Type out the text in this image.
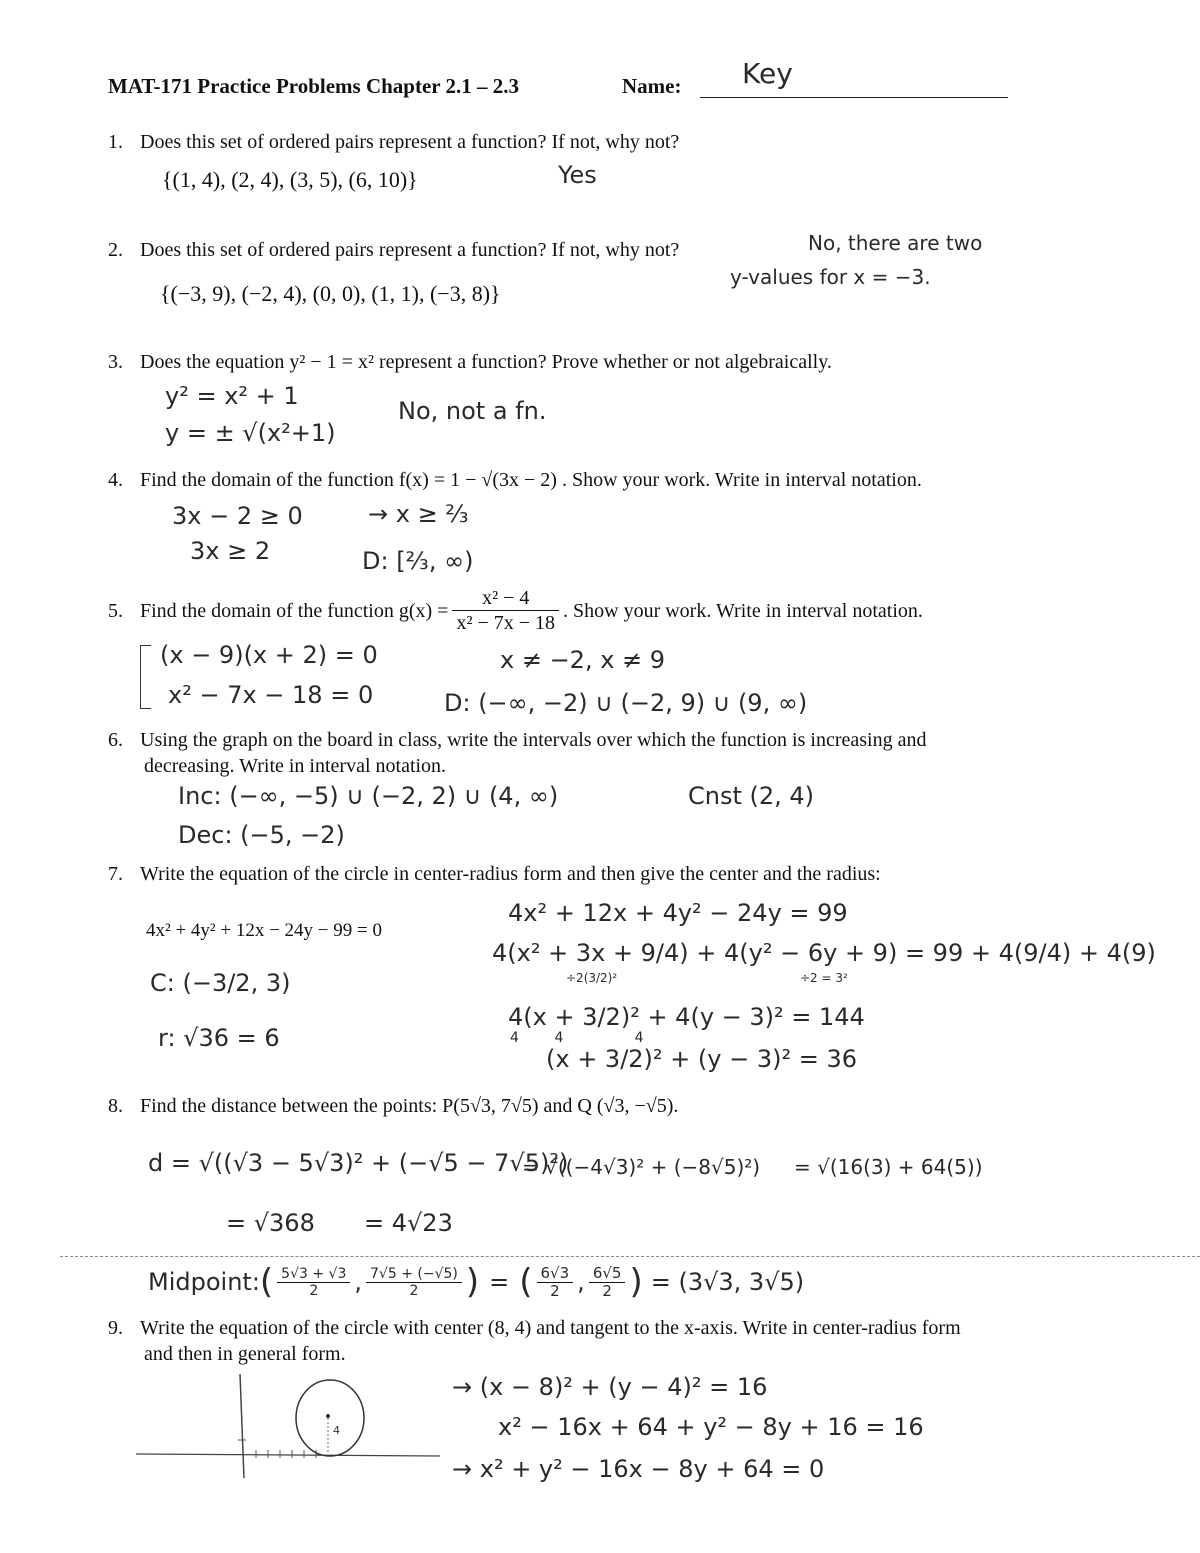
MAT-171 Practice Problems Chapter 2.1 – 2.3	Name: Key
1. Does this set of ordered pairs represent a function? If not, why not?
{(1, 4), (2, 4), (3, 5), (6, 10)}	Yes
2. Does this set of ordered pairs represent a function? If not, why not?	No, there are two
{(−3, 9), (−2, 4), (0, 0), (1, 1), (−3, 8)}
y-values for x = −3.
3. Does the equation y² − 1 = x² represent a function? Prove whether or not algebraically.
y² = x² + 1
y = ± √(x²+1)
No, not a fn.
4. Find the domain of the function f(x) = 1 − √(3x − 2) . Show your work. Write in interval notation.
3x − 2 ≥ 0
3x ≥ 2
→ x ≥ ⅔
D: [⅔, ∞)
5. Find the domain of the function $g(x) = \frac{\text{x² − 4}}{\text{x² − 7x − 18}}$ . Show your work. Write in interval notation.
(x − 9)(x + 2) = 0
x² − 7x − 18 = 0
x ≠ −2, x ≠ 9
D: (−∞, −2) ∪ (−2, 9) ∪ (9, ∞)
6. Using the graph on the board in class, write the intervals over which the function is increasing and
decreasing. Write in interval notation.
Inc: (−∞, −5) ∪ (−2, 2) ∪ (4, ∞)
Dec: (−5, −2)
Cnst (2, 4)
7. Write the equation of the circle in center-radius form and then give the center and the radius:
4x² + 4y² + 12x − 24y − 99 = 0
4x² + 12x + 4y² − 24y = 99
4(x² + 3x + 9/4) + 4(y² − 6y + 9) = 99 + 4(9/4) + 4(9)
÷2(3/2)²	÷2 = 3²
4(x + 3/2)² + 4(y − 3)² = 144
4        4                4
(x + 3/2)² + (y − 3)² = 36
C: (−3/2, 3)
r: √36 = 6
8. Find the distance between the points: P(5√3, 7√5) and Q (√3, −√5).
d = √((√3 − 5√3)² + (−√5 − 7√5)²)
= √((−4√3)² + (−8√5)²) = √(16(3) + 64(5))
= √368 = 4√23
Midpoint: ( $\frac{5√3 + √3}{2}$ , $\frac{7√5 + (-√5)}{2}$ ) = ( $\frac{6√3}{2}$ , $\frac{6√5}{2}$ ) = (3√3, 3√5)
9. Write the equation of the circle with center (8, 4) and tangent to the x-axis. Write in center-radius form
and then in general form.
4
→ (x − 8)² + (y − 4)² = 16
x² − 16x + 64 + y² − 8y + 16 = 16
→ x² + y² − 16x − 8y + 64 = 0
